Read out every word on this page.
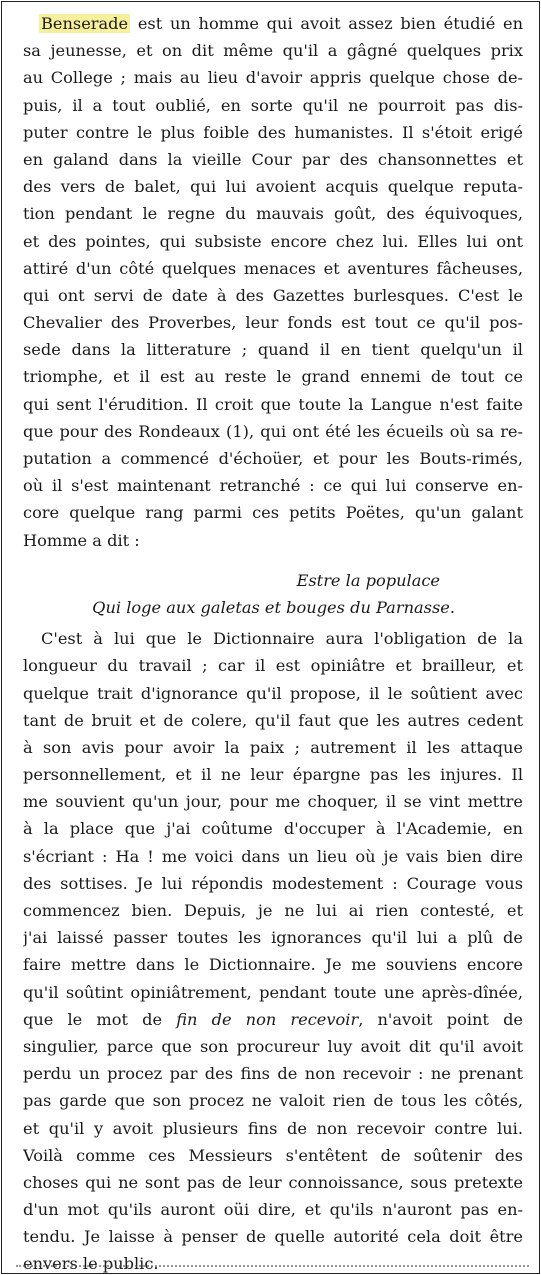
Benserade est un homme qui avoit assez bien étudié en
sa jeunesse, et on dit même qu'il a gâgné quelques prix
au College ; mais au lieu d'avoir appris quelque chose de-
puis, il a tout oublié, en sorte qu'il ne pourroit pas dis-
puter contre le plus foible des humanistes. Il s'étoit erigé
en galand dans la vieille Cour par des chansonnettes et
des vers de balet, qui lui avoient acquis quelque reputa-
tion pendant le regne du mauvais goût, des équivoques,
et des pointes, qui subsiste encore chez lui. Elles lui ont
attiré d'un côté quelques menaces et aventures fâcheuses,
qui ont servi de date à des Gazettes burlesques. C'est le
Chevalier des Proverbes, leur fonds est tout ce qu'il pos-
sede dans la litterature ; quand il en tient quelqu'un il
triomphe, et il est au reste le grand ennemi de tout ce
qui sent l'érudition. Il croit que toute la Langue n'est faite
que pour des Rondeaux (1), qui ont été les écueils où sa re-
putation a commencé d'échoüer, et pour les Bouts-rimés,
où il s'est maintenant retranché : ce qui lui conserve en-
core quelque rang parmi ces petits Poëtes, qu'un galant
Homme a dit :
Estre la populace
Qui loge aux galetas et bouges du Parnasse.
C'est à lui que le Dictionnaire aura l'obligation de la
longueur du travail ; car il est opiniâtre et brailleur, et
quelque trait d'ignorance qu'il propose, il le soûtient avec
tant de bruit et de colere, qu'il faut que les autres cedent
à son avis pour avoir la paix ; autrement il les attaque
personnellement, et il ne leur épargne pas les injures. Il
me souvient qu'un jour, pour me choquer, il se vint mettre
à la place que j'ai coûtume d'occuper à l'Academie, en
s'écriant : Ha ! me voici dans un lieu où je vais bien dire
des sottises. Je lui répondis modestement : Courage vous
commencez bien. Depuis, je ne lui ai rien contesté, et
j'ai laissé passer toutes les ignorances qu'il lui a plû de
faire mettre dans le Dictionnaire. Je me souviens encore
qu'il soûtint opiniâtrement, pendant toute une après-dînée,
que le mot de fin de non recevoir, n'avoit point de
singulier, parce que son procureur luy avoit dit qu'il avoit
perdu un procez par des fins de non recevoir : ne prenant
pas garde que son procez ne valoit rien de tous les côtés,
et qu'il y avoit plusieurs fins de non recevoir contre lui.
Voilà comme ces Messieurs s'entêtent de soûtenir des
choses qui ne sont pas de leur connoissance, sous pretexte
d'un mot qu'ils auront oüi dire, et qu'ils n'auront pas en-
tendu. Je laisse à penser de quelle autorité cela doit être
envers le public.
